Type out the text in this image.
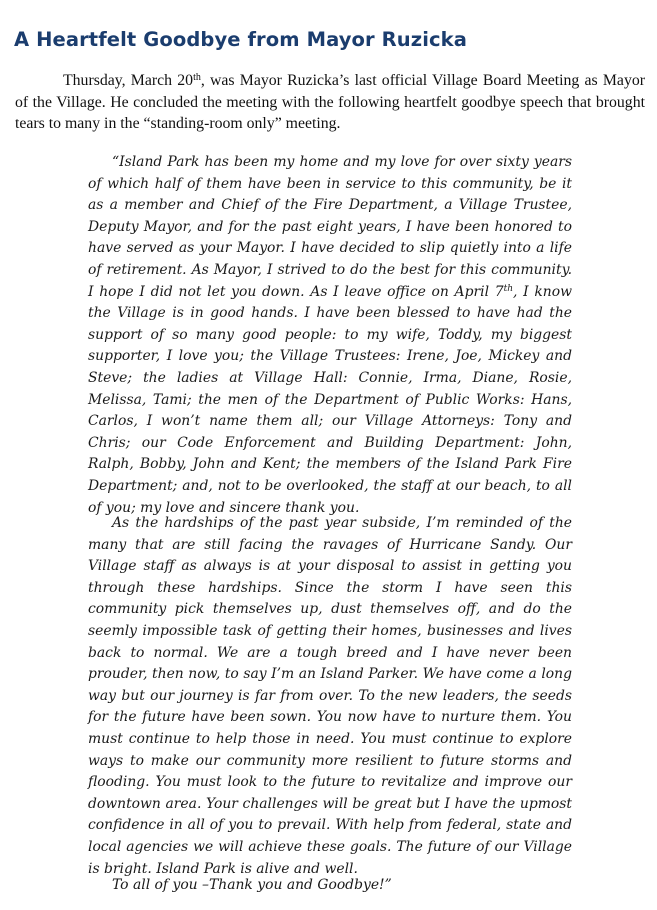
A Heartfelt Goodbye from Mayor Ruzicka

Thursday, March 20th, was Mayor Ruzicka’s last official Village Board Meeting as Mayor of the Village. He concluded the meeting with the following heartfelt goodbye speech that brought tears to many in the “standing-room only” meeting.

“Island Park has been my home and my love for over sixty years of which half of them have been in service to this community, be it as a member and Chief of the Fire Department, a Village Trustee, Deputy Mayor, and for the past eight years, I have been honored to have served as your Mayor. I have decided to slip quietly into a life of retirement. As Mayor, I strived to do the best for this community. I hope I did not let you down. As I leave office on April 7th, I know the Village is in good hands. I have been blessed to have had the support of so many good people: to my wife, Toddy, my biggest supporter, I love you; the Village Trustees: Irene, Joe, Mickey and Steve; the ladies at Village Hall: Connie, Irma, Diane, Rosie, Melissa, Tami; the men of the Department of Public Works: Hans, Carlos, I won’t name them all; our Village Attorneys: Tony and Chris; our Code Enforcement and Building Department: John, Ralph, Bobby, John and Kent; the members of the Island Park Fire Department; and, not to be overlooked, the staff at our beach, to all of you; my love and sincere thank you.

As the hardships of the past year subside, I’m reminded of the many that are still facing the ravages of Hurricane Sandy. Our Village staff as always is at your disposal to assist in getting you through these hardships. Since the storm I have seen this community pick themselves up, dust themselves off, and do the seemly impossible task of getting their homes, businesses and lives back to normal. We are a tough breed and I have never been prouder, then now, to say I’m an Island Parker. We have come a long way but our journey is far from over. To the new leaders, the seeds for the future have been sown. You now have to nurture them. You must continue to help those in need. You must continue to explore ways to make our community more resilient to future storms and flooding. You must look to the future to revitalize and improve our downtown area. Your challenges will be great but I have the upmost confidence in all of you to prevail. With help from federal, state and local agencies we will achieve these goals. The future of our Village is bright. Island Park is alive and well.

To all of you –Thank you and Goodbye!”
